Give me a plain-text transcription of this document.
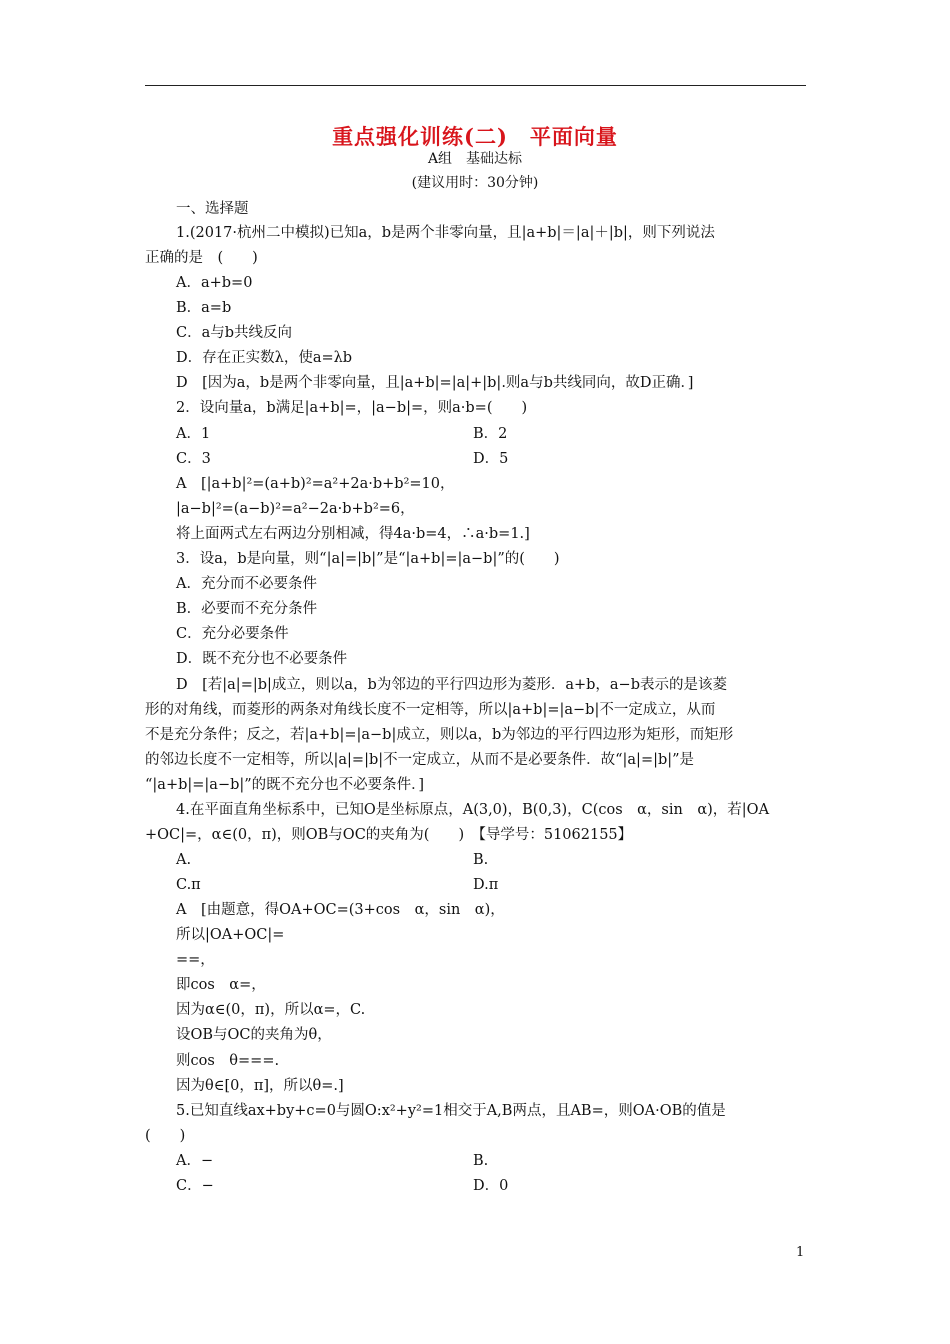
重点强化训练(二)　平面向量
A组　基础达标
(建议用时：30分钟)
一、选择题
1.(2017·杭州二中模拟)已知a，b是两个非零向量，且|a+b|＝|a|＋|b|，则下列说法
正确的是　(　　)
A．a+b=0
B．a=b
C．a与b共线反向
D．存在正实数λ，使a=λb
D　[因为a，b是两个非零向量，且|a+b|=|a|+|b|.则a与b共线同向，故D正确．]
2．设向量a，b满足|a+b|=，|a−b|=，则a·b=(　　)
A．1	B．2
C．3	D．5
A　[|a+b|²=(a+b)²=a²+2a·b+b²=10，
|a−b|²=(a−b)²=a²−2a·b+b²=6，
将上面两式左右两边分别相减，得4a·b=4，∴a·b=1.]
3．设a，b是向量，则“|a|=|b|”是“|a+b|=|a−b|”的(　　)
A．充分而不必要条件
B．必要而不充分条件
C．充分必要条件
D．既不充分也不必要条件
D　[若|a|=|b|成立，则以a，b为邻边的平行四边形为菱形．a+b，a−b表示的是该菱
形的对角线，而菱形的两条对角线长度不一定相等，所以|a+b|=|a−b|不一定成立，从而
不是充分条件；反之，若|a+b|=|a−b|成立，则以a，b为邻边的平行四边形为矩形，而矩形
的邻边长度不一定相等，所以|a|=|b|不一定成立，从而不是必要条件．故“|a|=|b|”是
“|a+b|=|a−b|”的既不充分也不必要条件．]
4.在平面直角坐标系中，已知O是坐标原点，A(3,0)，B(0,3)，C(cos　α，sin　α)，若|OA
+OC|=，α∈(0，π)，则OB与OC的夹角为(　　)　【导学号：51062155】
A.	B.
C.π	D.π
A　[由题意，得OA+OC=(3+cos　α，sin　α)，
所以|OA+OC|=
==，
即cos　α=，
因为α∈(0，π)，所以α=，C.
设OB与OC的夹角为θ，
则cos　θ===.
因为θ∈[0，π]，所以θ=.]
5.已知直线ax+by+c=0与圆O:x²+y²=1相交于A,B两点，且AB=，则OA·OB的值是
(　　)
A．−	B.
C．−	D．0
1
